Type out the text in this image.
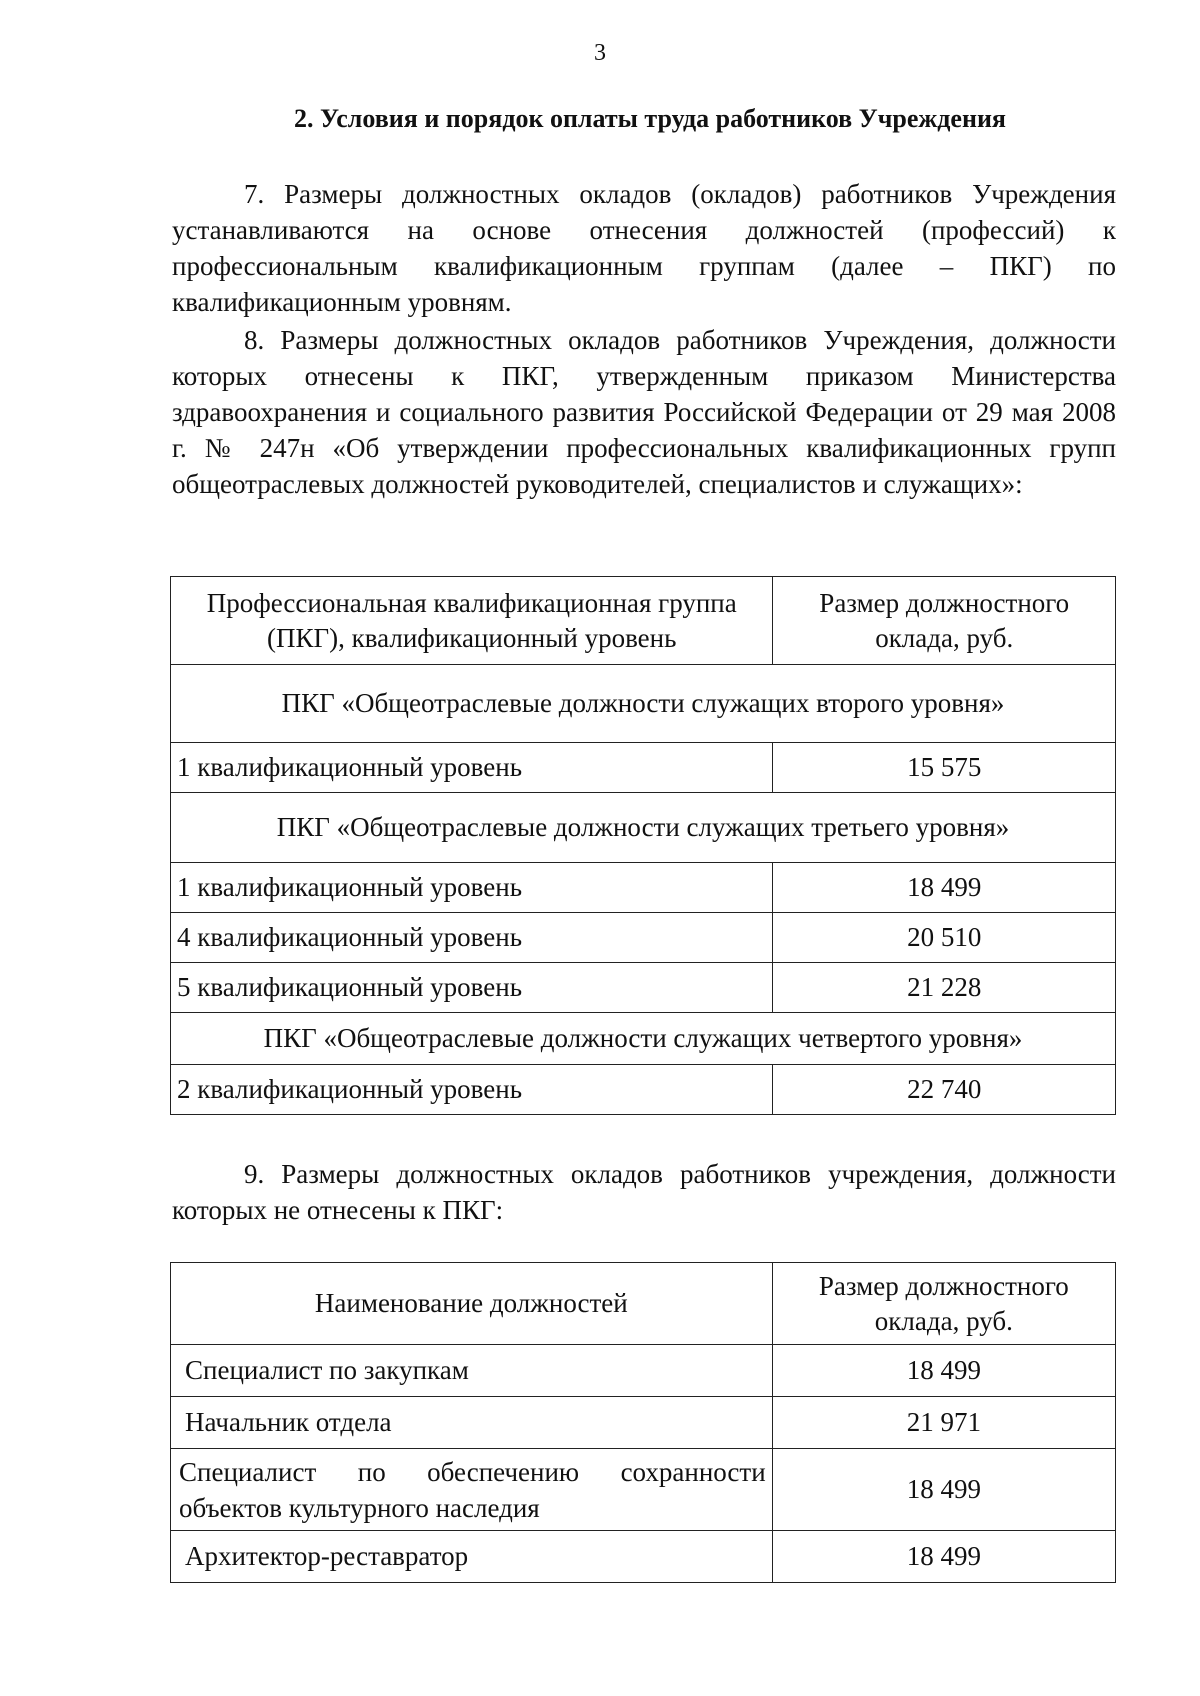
3
2. Условия и порядок оплаты труда работников Учреждения
7. Размеры должностных окладов (окладов) работников Учреждения устанавливаются на основе отнесения должностей (профессий) к профессиональным квалификационным группам (далее – ПКГ) по квалификационным уровням.
8. Размеры должностных окладов работников Учреждения, должности которых отнесены к ПКГ, утвержденным приказом Министерства здравоохранения и социального развития Российской Федерации от 29 мая 2008 г. № 247н «Об утверждении профессиональных квалификационных групп общеотраслевых должностей руководителей, специалистов и служащих»:
Профессиональная квалификационная группа (ПКГ), квалификационный уровень	Размер должностного оклада, руб.
ПКГ «Общеотраслевые должности служащих второго уровня»	
1 квалификационный уровень	15 575
ПКГ «Общеотраслевые должности служащих третьего уровня»	
1 квалификационный уровень	18 499
4 квалификационный уровень	20 510
5 квалификационный уровень	21 228
ПКГ «Общеотраслевые должности служащих четвертого уровня»	
2 квалификационный уровень	22 740
9. Размеры должностных окладов работников учреждения, должности которых не отнесены к ПКГ:
Наименование должностей	Размер должностного оклада, руб.
Специалист по закупкам	18 499
Начальник отдела	21 971
Специалист по обеспечению сохранности объектов культурного наследия	18 499
Архитектор-реставратор	18 499
